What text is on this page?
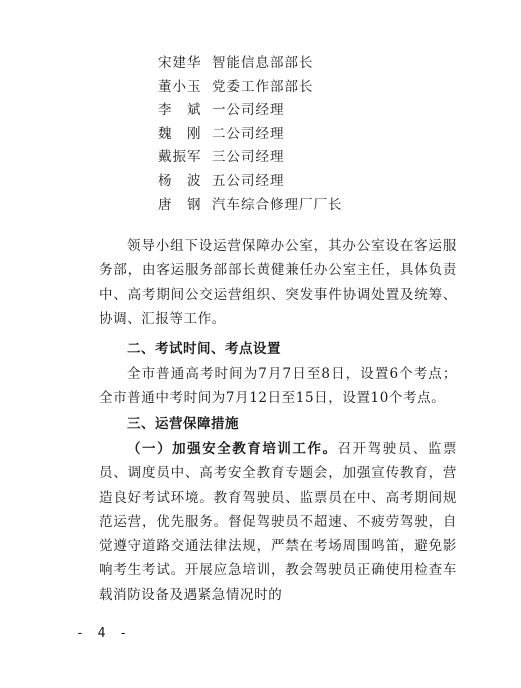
宋建华 智能信息部部长
董小玉 党委工作部部长
李　斌 一公司经理
魏　刚 二公司经理
戴振军 三公司经理
杨　波 五公司经理
唐　钢 汽车综合修理厂厂长

领导小组下设运营保障办公室，其办公室设在客运服务部，由客运服务部部长黄健兼任办公室主任，具体负责中、高考期间公交运营组织、突发事件协调处置及统筹、协调、汇报等工作。

二、考试时间、考点设置

全市普通高考时间为7月7日至8日，设置6个考点；全市普通中考时间为7月12日至15日，设置10个考点。

三、运营保障措施

（一）加强安全教育培训工作。召开驾驶员、监票员、调度员中、高考安全教育专题会，加强宣传教育，营造良好考试环境。教育驾驶员、监票员在中、高考期间规范运营，优先服务。督促驾驶员不超速、不疲劳驾驶，自觉遵守道路交通法律法规，严禁在考场周围鸣笛，避免影响考生考试。开展应急培训，教会驾驶员正确使用检查车载消防设备及遇紧急情况时的

- 4 -
